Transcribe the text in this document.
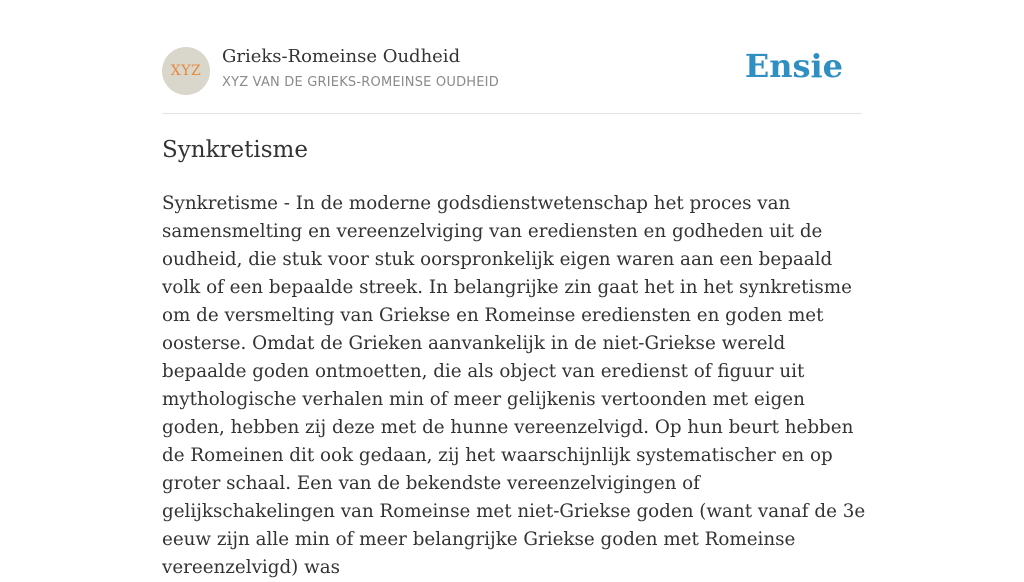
XYZ
Grieks-Romeinse Oudheid
XYZ VAN DE GRIEKS-ROMEINSE OUDHEID	Ensie
Synkretisme

Synkretisme - In de moderne godsdienstwetenschap het proces van samensmelting en vereenzelviging van erediensten en godheden uit de oudheid, die stuk voor stuk oorspronkelijk eigen waren aan een bepaald volk of een bepaalde streek. In belangrijke zin gaat het in het synkretisme om de versmelting van Griekse en Romeinse erediensten en goden met oosterse. Omdat de Grieken aanvankelijk in de niet-Griekse wereld bepaalde goden ontmoetten, die als object van eredienst of figuur uit mythologische verhalen min of meer gelijkenis vertoonden met eigen goden, hebben zij deze met de hunne vereenzelvigd. Op hun beurt hebben de Romeinen dit ook gedaan, zij het waarschijnlijk systematischer en op groter schaal. Een van de bekendste vereenzelvigingen of gelijkschakelingen van Romeinse met niet-Griekse goden (want vanaf de 3e eeuw zijn alle min of meer belangrijke Griekse goden met Romeinse vereenzelvigd) was
